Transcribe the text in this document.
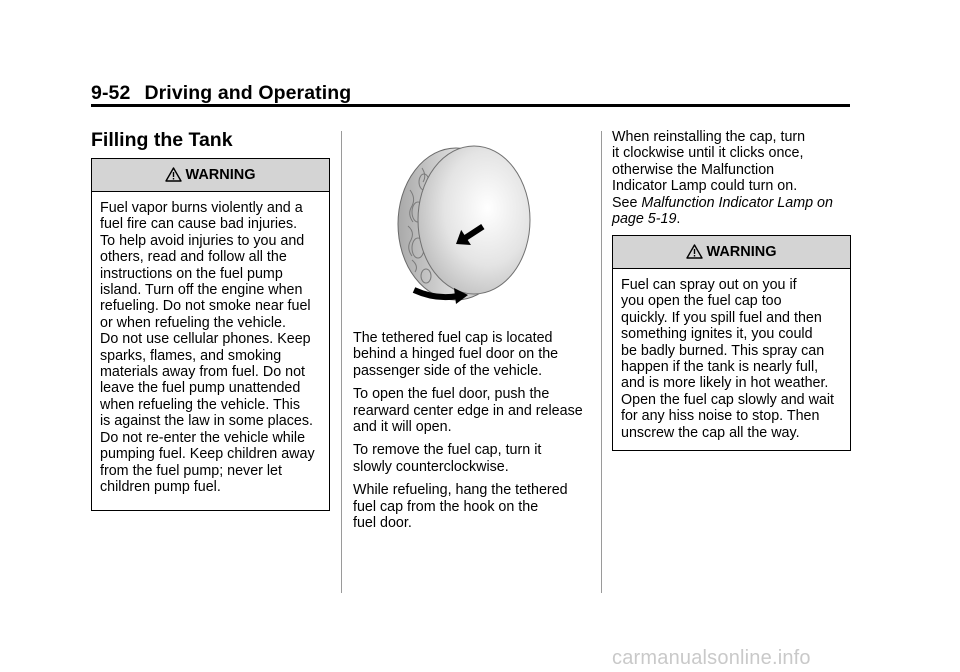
9-52 Driving and Operating
Filling the Tank
WARNING
Fuel vapor burns violently and a
fuel fire can cause bad injuries.
To help avoid injuries to you and
others, read and follow all the
instructions on the fuel pump
island. Turn off the engine when
refueling. Do not smoke near fuel
or when refueling the vehicle.
Do not use cellular phones. Keep
sparks, flames, and smoking
materials away from fuel. Do not
leave the fuel pump unattended
when refueling the vehicle. This
is against the law in some places.
Do not re-enter the vehicle while
pumping fuel. Keep children away
from the fuel pump; never let
children pump fuel.

The tethered fuel cap is located
behind a hinged fuel door on the
passenger side of the vehicle.

To open the fuel door, push the
rearward center edge in and release
and it will open.

To remove the fuel cap, turn it
slowly counterclockwise.

While refueling, hang the tethered
fuel cap from the hook on the
fuel door.

When reinstalling the cap, turn
it clockwise until it clicks once,
otherwise the Malfunction
Indicator Lamp could turn on.
See Malfunction Indicator Lamp on
page 5-19.
WARNING
Fuel can spray out on you if
you open the fuel cap too
quickly. If you spill fuel and then
something ignites it, you could
be badly burned. This spray can
happen if the tank is nearly full,
and is more likely in hot weather.
Open the fuel cap slowly and wait
for any hiss noise to stop. Then
unscrew the cap all the way.
carmanualsonline.info
